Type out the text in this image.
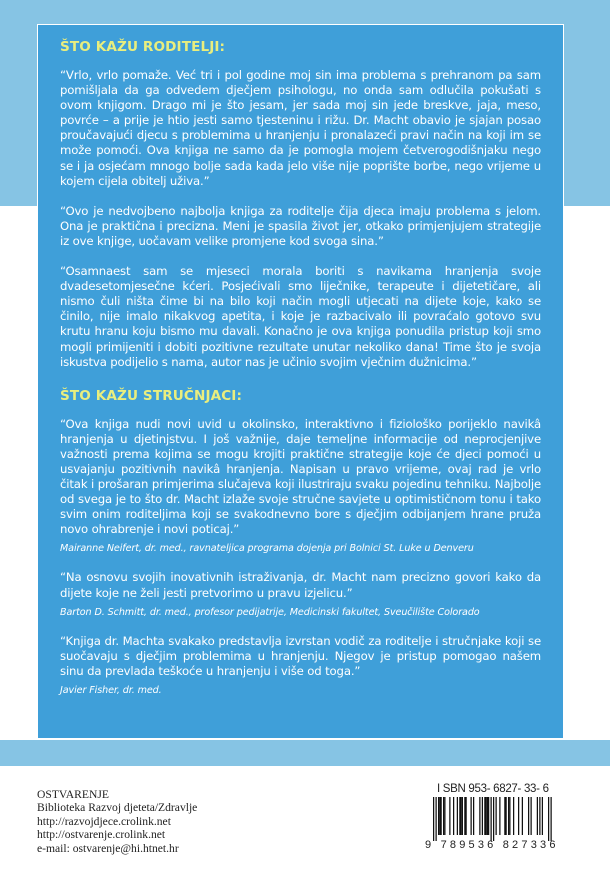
ŠTO KAŽU RODITELJI:

“Vrlo, vrlo pomaže. Već tri i pol godine moj sin ima problema s prehranom pa sam pomišljala da ga odvedem dječjem psihologu, no onda sam odlučila pokušati s ovom knjigom. Drago mi je što jesam, jer sada moj sin jede breskve, jaja, meso, povrće – a prije je htio jesti samo tjesteninu i rižu. Dr. Macht obavio je sjajan posao proučavajući djecu s problemima u hranjenju i pronalazeći pravi način na koji im se može pomoći. Ova knjiga ne samo da je pomogla mojem četverogodišnjaku nego se i ja osjećam mnogo bolje sada kada jelo više nije poprište borbe, nego vrijeme u kojem cijela obitelj uživa.”

“Ovo je nedvojbeno najbolja knjiga za roditelje čija djeca imaju problema s jelom. Ona je praktična i precizna. Meni je spasila život jer, otkako primjenjujem strategije iz ove knjige, uočavam velike promjene kod svoga sina.”

“Osamnaest sam se mjeseci morala boriti s navikama hranjenja svoje dvadesetomjesečne kćeri. Posjećivali smo liječnike, terapeute i dijetetičare, ali nismo čuli ništa čime bi na bilo koji način mogli utjecati na dijete koje, kako se činilo, nije imalo nikakvog apetita, i koje je razbacivalo ili povraćalo gotovo svu krutu hranu koju bismo mu davali. Konačno je ova knjiga ponudila pristup koji smo mogli primijeniti i dobiti pozitivne rezultate unutar nekoliko dana! Time što je svoja iskustva podijelio s nama, autor nas je učinio svojim vječnim dužnicima.”

ŠTO KAŽU STRUČNJACI:

“Ova knjiga nudi novi uvid u okolinsko, interaktivno i fiziološko porijeklo navikâ hranjenja u djetinjstvu. I još važnije, daje temeljne informacije od neprocjenjive važnosti prema kojima se mogu krojiti praktične strategije koje će djeci pomoći u usvajanju pozitivnih navikâ hranjenja. Napisan u pravo vrijeme, ovaj rad je vrlo čitak i prošaran primjerima slučajeva koji ilustriraju svaku pojedinu tehniku. Najbolje od svega je to što dr. Macht izlaže svoje stručne savjete u optimističnom tonu i tako svim onim roditeljima koji se svakodnevno bore s dječjim odbijanjem hrane pruža novo ohrabrenje i novi poticaj.”

Mairanne Neifert, dr. med., ravnateljica programa dojenja pri Bolnici St. Luke u Denveru

“Na osnovu svojih inovativnih istraživanja, dr. Macht nam precizno govori kako da dijete koje ne želi jesti pretvorimo u pravu izjelicu.”

Barton D. Schmitt, dr. med., profesor pedijatrije, Medicinski fakultet, Sveučilište Colorado

“Knjiga dr. Machta svakako predstavlja izvrstan vodič za roditelje i stručnjake koji se suočavaju s dječjim problemima u hranjenju. Njegov je pristup pomogao našem sinu da prevlada teškoće u hranjenju i više od toga.”

Javier Fisher, dr. med.

OSTVARENJE
Biblioteka Razvoj djeteta/Zdravlje
http://razvojdjece.crolink.net
http://ostvarenje.crolink.net
e-mail: ostvarenje@hi.htnet.hr
I SBN 953- 6827- 33- 6
9 789536 827336
